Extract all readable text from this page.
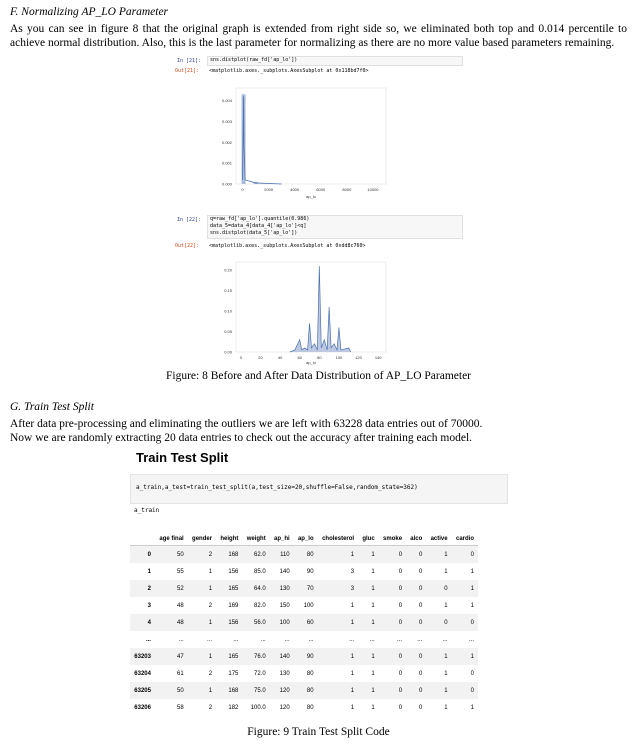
F. Normalizing AP_LO Parameter
As you can see in figure 8 that the original graph is extended from right side so, we eliminated both top and 0.014 percentile to
achieve normal distribution. Also, this is the last parameter for normalizing as there are no more value based parameters remaining.
In [21]:	sns.distplot(raw_fd['ap_lo'])
Out[21]: <matplotlib.axes._subplots.AxesSubplot at 0x118bd7f0>
0.000
0.001
0.002
0.003
0.004
0	2000	4000	6000	8000	10000
ap_lo
In [22]: q=raw_fd['ap_lo'].quantile(0.986)
data_5=data_4[data_4['ap_lo']<q]
sns.distplot(data_5['ap_lo'])
Out[22]: <matplotlib.axes._subplots.AxesSubplot at 0xdd8c760>
0.00
0.05
0.10
0.15
0.20
0	20	40	60	80	100	120	140
ap_lo
Figure: 8 Before and After Data Distribution of AP_LO Parameter
G. Train Test Split
After data pre-processing and eliminating the outliers we are left with 63228 data entries out of 70000.
Now we are randomly extracting 20 data entries to check out the accuracy after training each model.
Train Test Split
a_train,a_test=train_test_split(a,test_size=20,shuffle=False,random_state=362)
a_train
	age final	gender	height	weight	ap_hi	ap_lo	cholesterol	gluc	smoke	alco	active	cardio
0	50	2	168	62.0	110	80	1	1	0	0	1	0
1	55	1	156	85.0	140	90	3	1	0	0	1	1
2	52	1	165	64.0	130	70	3	1	0	0	0	1
3	48	2	169	82.0	150	100	1	1	0	0	1	1
4	48	1	156	56.0	100	60	1	1	0	0	0	0
...	...	...	...	...	...	...	...	...	...	...	...	...
63203	47	1	165	76.0	140	90	1	1	0	0	1	1
63204	61	2	175	72.0	130	80	1	1	0	0	1	0
63205	50	1	168	75.0	120	80	1	1	0	0	1	0
63206	58	2	182	100.0	120	80	1	1	0	0	1	1
Figure: 9 Train Test Split Code
